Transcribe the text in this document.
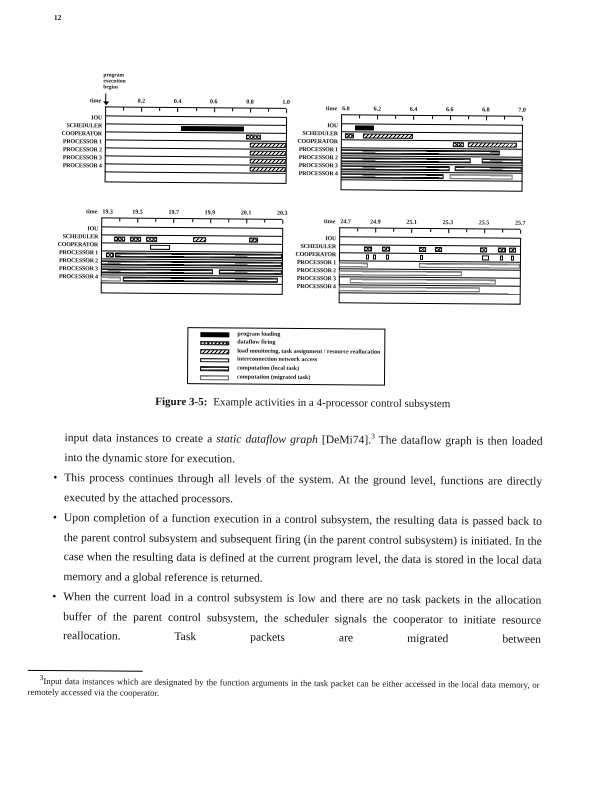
12
time
program execution begins
0.2	0.4	0.6	0.8	1.0
IOU
SCHEDULER
COOPERATOR
PROCESSOR 1
PROCESSOR 2
PROCESSOR 3
PROCESSOR 4
time 6.0	6.2	6.4	6.6	6.8	7.0
IOU
SCHEDULER
COOPERATOR
PROCESSOR 1
PROCESSOR 2
PROCESSOR 3
PROCESSOR 4
time 19.3	19.5	19.7	19.9	20.1	20.3
IOU
SCHEDULER
COOPERATOR
PROCESSOR 1
PROCESSOR 2
PROCESSOR 3
PROCESSOR 4
time 24.7	24.9	25.1	25.3	25.5	25.7
IOU
SCHEDULER
COOPERATOR
PROCESSOR 1
PROCESSOR 2
PROCESSOR 3
PROCESSOR 4
program loading
dataflow firing
load monitoring, task assignment / resource reallocation
interconnection network access
computation (local task)
computation (migrated task)
Figure 3-5: Example activities in a 4-processor control subsystem
input data instances to create a static dataflow graph [DeMi74].$^3$ The dataflow graph is then loaded into the dynamic store for execution.
• This process continues through all levels of the system. At the ground level, functions are directly executed by the attached processors.
• Upon completion of a function execution in a control subsystem, the resulting data is passed back to the parent control subsystem and subsequent firing (in the parent control subsystem) is initiated. In the case when the resulting data is defined at the current program level, the data is stored in the local data memory and a global reference is returned.
• When the current load in a control subsystem is low and there are no task packets in the allocation buffer of the parent control subsystem, the scheduler signals the cooperator to initiate resource reallocation. Task packets are migrated between
3Input data instances which are designated by the function arguments in the task packet can be either accessed in the local data memory, or remotely accessed via the cooperator.
